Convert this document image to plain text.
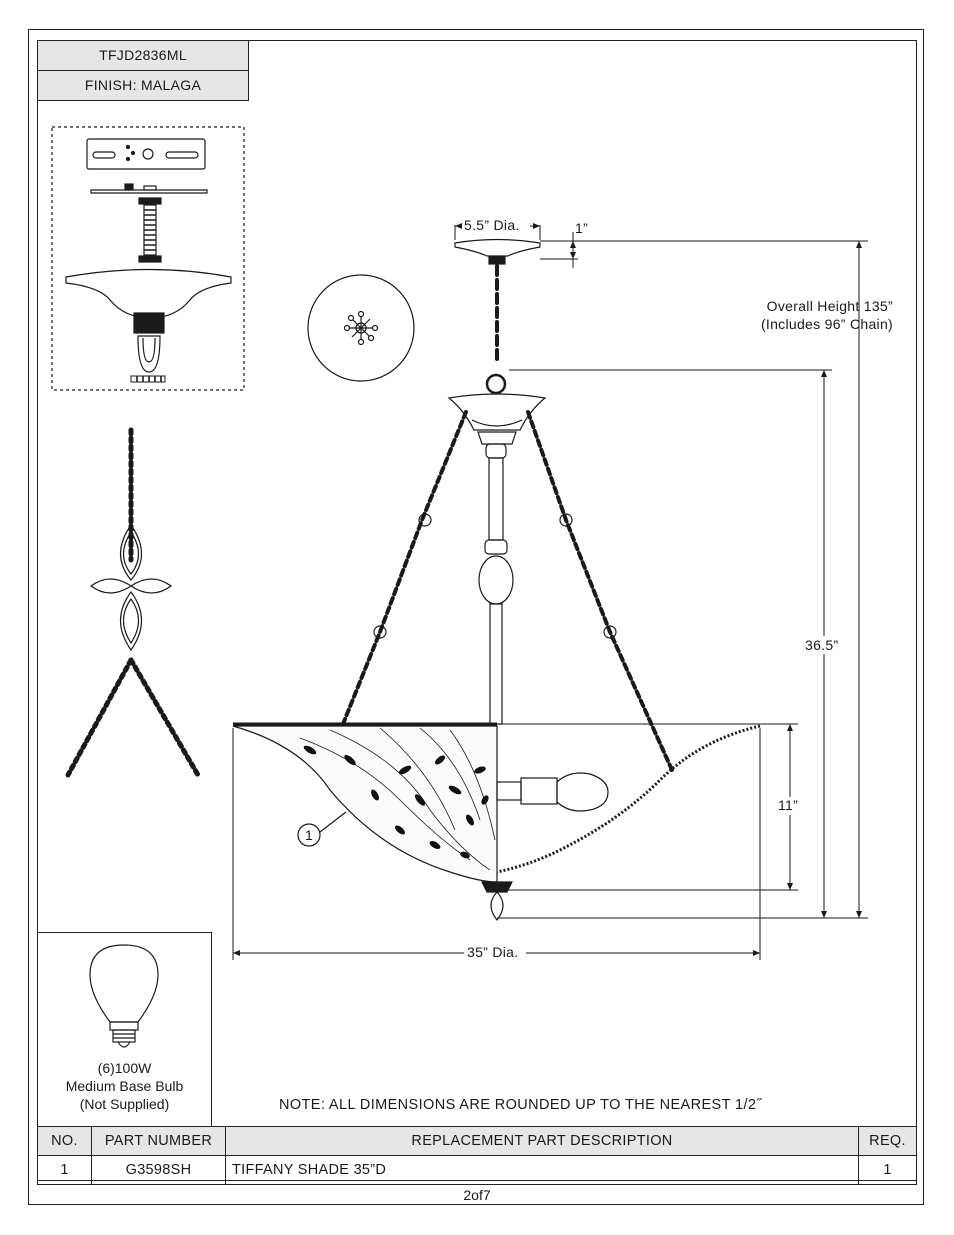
TFJD2836ML
FINISH: MALAGA
5.5” Dia.	1”
Overall Height 135”
(Includes 96” Chain)
36.5”
11”
35” Dia.
1
(6)100W
Medium Base Bulb
(Not Supplied)	NOTE: ALL DIMENSIONS ARE ROUNDED UP TO THE NEAREST 1/2˝
NO.	PART NUMBER	REPLACEMENT PART DESCRIPTION	REQ.
1	G3598SH	TIFFANY SHADE 35”D	1
2of7
